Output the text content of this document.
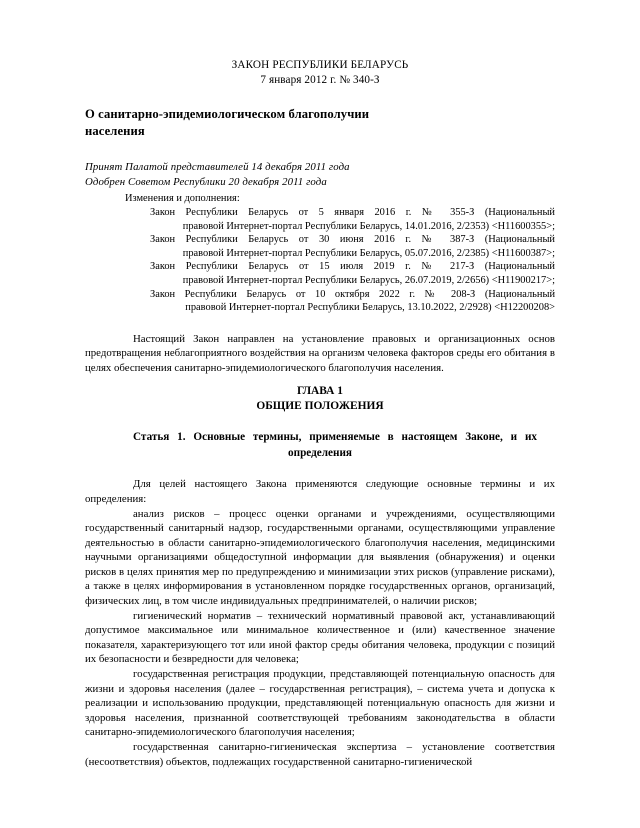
ЗАКОН РЕСПУБЛИКИ БЕЛАРУСЬ
7 января 2012 г. № 340-З
О санитарно-эпидемиологическом благополучии населения
Принят Палатой представителей 14 декабря 2011 года
Одобрен Советом Республики 20 декабря 2011 года
Изменения и дополнения:

Закон Республики Беларусь от 5 января 2016 г. № 355-З (Национальный
правовой Интернет-портал Республики Беларусь, 14.01.2016, 2/2353) <H11600355>;

Закон Республики Беларусь от 30 июня 2016 г. № 387-З (Национальный
правовой Интернет-портал Республики Беларусь, 05.07.2016, 2/2385) <H11600387>;

Закон Республики Беларусь от 15 июля 2019 г. № 217-З (Национальный
правовой Интернет-портал Республики Беларусь, 26.07.2019, 2/2656) <H11900217>;

Закон Республики Беларусь от 10 октября 2022 г. № 208-З (Национальный
правовой Интернет-портал Республики Беларусь, 13.10.2022, 2/2928) <H12200208>

Настоящий Закон направлен на установление правовых и организационных основ предотвращения неблагоприятного воздействия на организм человека факторов среды его обитания в целях обеспечения санитарно-эпидемиологического благополучия населения.

ГЛАВА 1
ОБЩИЕ ПОЛОЖЕНИЯ
Статья 1. Основные термины, применяемые в настоящем Законе, и их определения

Для целей настоящего Закона применяются следующие основные термины и их определения:

анализ рисков – процесс оценки органами и учреждениями, осуществляющими государственный санитарный надзор, государственными органами, осуществляющими управление деятельностью в области санитарно-эпидемиологического благополучия населения, медицинскими научными организациями общедоступной информации для выявления (обнаружения) и оценки рисков в целях принятия мер по предупреждению и минимизации этих рисков (управление рисками), а также в целях информирования в установленном порядке государственных органов, организаций, физических лиц, в том числе индивидуальных предпринимателей, о наличии рисков;

гигиенический норматив – технический нормативный правовой акт, устанавливающий допустимое максимальное или минимальное количественное и (или) качественное значение показателя, характеризующего тот или иной фактор среды обитания человека, продукции с позиций их безопасности и безвредности для человека;

государственная регистрация продукции, представляющей потенциальную опасность для жизни и здоровья населения (далее – государственная регистрация), – система учета и допуска к реализации и использованию продукции, представляющей потенциальную опасность для жизни и здоровья населения, признанной соответствующей требованиям законодательства в области санитарно-эпидемиологического благополучия населения;

государственная санитарно-гигиеническая экспертиза – установление соответствия (несоответствия) объектов, подлежащих государственной санитарно-гигиенической
